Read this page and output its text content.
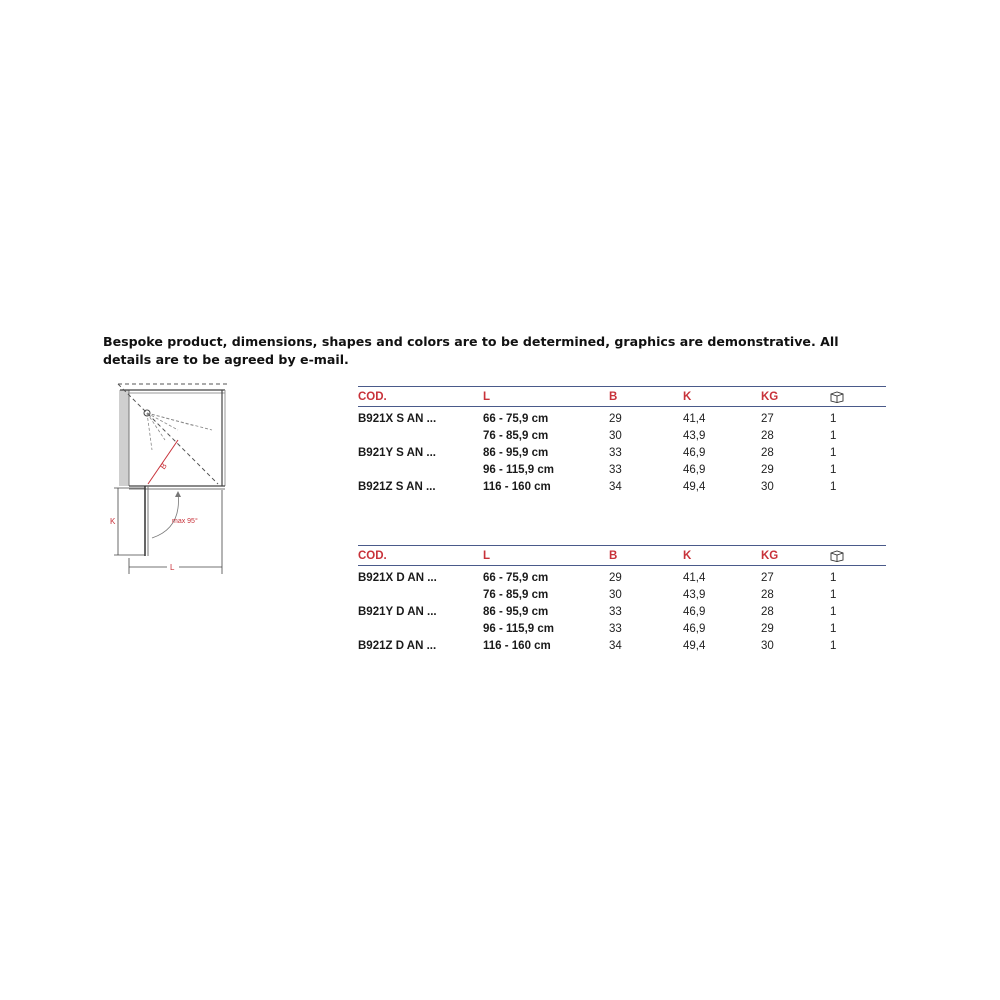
Bespoke product, dimensions, shapes and colors are to be determined, graphics are demonstrative. All details are to be agreed by e-mail.
B
max 95°
K
L
COD.	L	B	K	KG	
B921X S AN ...	66 - 75,9 cm	29	41,4	27	1
	76 - 85,9 cm	30	43,9	28	1
B921Y S AN ...	86 - 95,9 cm	33	46,9	28	1
	96 - 115,9 cm	33	46,9	29	1
B921Z S AN ...	116 - 160 cm	34	49,4	30	1
COD.	L	B	K	KG	
B921X D AN ...	66 - 75,9 cm	29	41,4	27	1
	76 - 85,9 cm	30	43,9	28	1
B921Y D AN ...	86 - 95,9 cm	33	46,9	28	1
	96 - 115,9 cm	33	46,9	29	1
B921Z D AN ...	116 - 160 cm	34	49,4	30	1
